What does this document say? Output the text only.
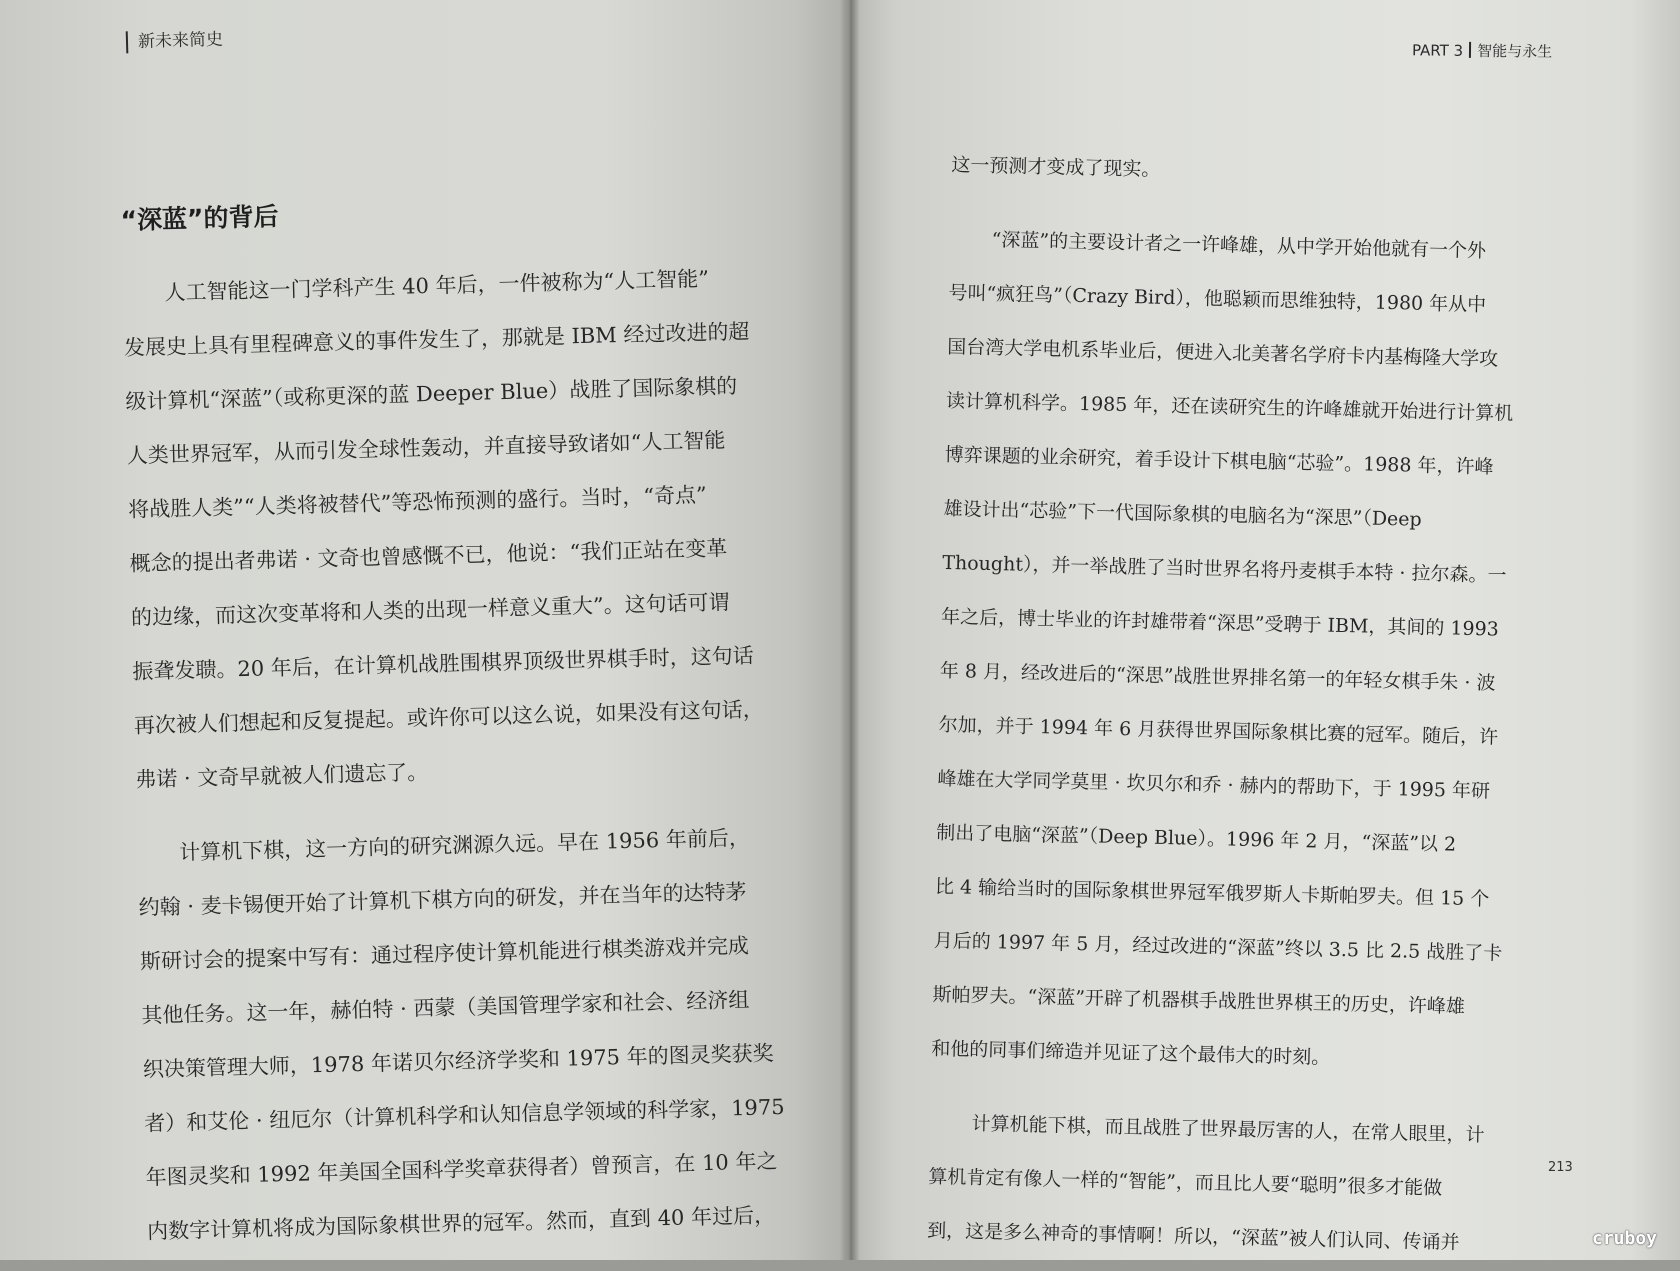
新未来简史
“深蓝”的背后
人工智能这一门学科产生 40 年后，一件被称为“人工智能”
发展史上具有里程碑意义的事件发生了，那就是 IBM 经过改进的超
级计算机“深蓝”（或称更深的蓝 Deeper Blue）战胜了国际象棋的
人类世界冠军，从而引发全球性轰动，并直接导致诸如“人工智能
将战胜人类”“人类将被替代”等恐怖预测的盛行。当时，“奇点”
概念的提出者弗诺 · 文奇也曾感慨不已，他说：“我们正站在变革
的边缘，而这次变革将和人类的出现一样意义重大”。这句话可谓
振聋发聩。20 年后，在计算机战胜围棋界顶级世界棋手时，这句话
再次被人们想起和反复提起。或许你可以这么说，如果没有这句话，
弗诺 · 文奇早就被人们遗忘了。
计算机下棋，这一方向的研究渊源久远。早在 1956 年前后，
约翰 · 麦卡锡便开始了计算机下棋方向的研发，并在当年的达特茅
斯研讨会的提案中写有：通过程序使计算机能进行棋类游戏并完成
其他任务。这一年，赫伯特 · 西蒙（美国管理学家和社会、经济组
织决策管理大师，1978 年诺贝尔经济学奖和 1975 年的图灵奖获奖
者）和艾伦 · 纽厄尔（计算机科学和认知信息学领域的科学家，1975
年图灵奖和 1992 年美国全国科学奖章获得者）曾预言，在 10 年之
内数字计算机将成为国际象棋世界的冠军。然而，直到 40 年过后，
PART 3 智能与永生
这一预测才变成了现实。
“深蓝”的主要设计者之一许峰雄，从中学开始他就有一个外
号叫“疯狂鸟”（Crazy Bird），他聪颖而思维独特，1980 年从中
国台湾大学电机系毕业后，便进入北美著名学府卡内基梅隆大学攻
读计算机科学。1985 年，还在读研究生的许峰雄就开始进行计算机
博弈课题的业余研究，着手设计下棋电脑“芯验”。1988 年，许峰
雄设计出“芯验”下一代国际象棋的电脑名为“深思”（Deep
Thought），并一举战胜了当时世界名将丹麦棋手本特 · 拉尔森。一
年之后，博士毕业的许封雄带着“深思”受聘于 IBM，其间的 1993
年 8 月，经改进后的“深思”战胜世界排名第一的年轻女棋手朱 · 波
尔加，并于 1994 年 6 月获得世界国际象棋比赛的冠军。随后，许
峰雄在大学同学莫里 · 坎贝尔和乔 · 赫内的帮助下，于 1995 年研
制出了电脑“深蓝”（Deep Blue）。1996 年 2 月，“深蓝”以 2
比 4 输给当时的国际象棋世界冠军俄罗斯人卡斯帕罗夫。但 15 个
月后的 1997 年 5 月，经过改进的“深蓝”终以 3.5 比 2.5 战胜了卡
斯帕罗夫。“深蓝”开辟了机器棋手战胜世界棋王的历史，许峰雄
和他的同事们缔造并见证了这个最伟大的时刻。
计算机能下棋，而且战胜了世界最厉害的人，在常人眼里，计
算机肯定有像人一样的“智能”，而且比人要“聪明”很多才能做
到，这是多么神奇的事情啊！所以，“深蓝”被人们认同、传诵并
213
cruboy
